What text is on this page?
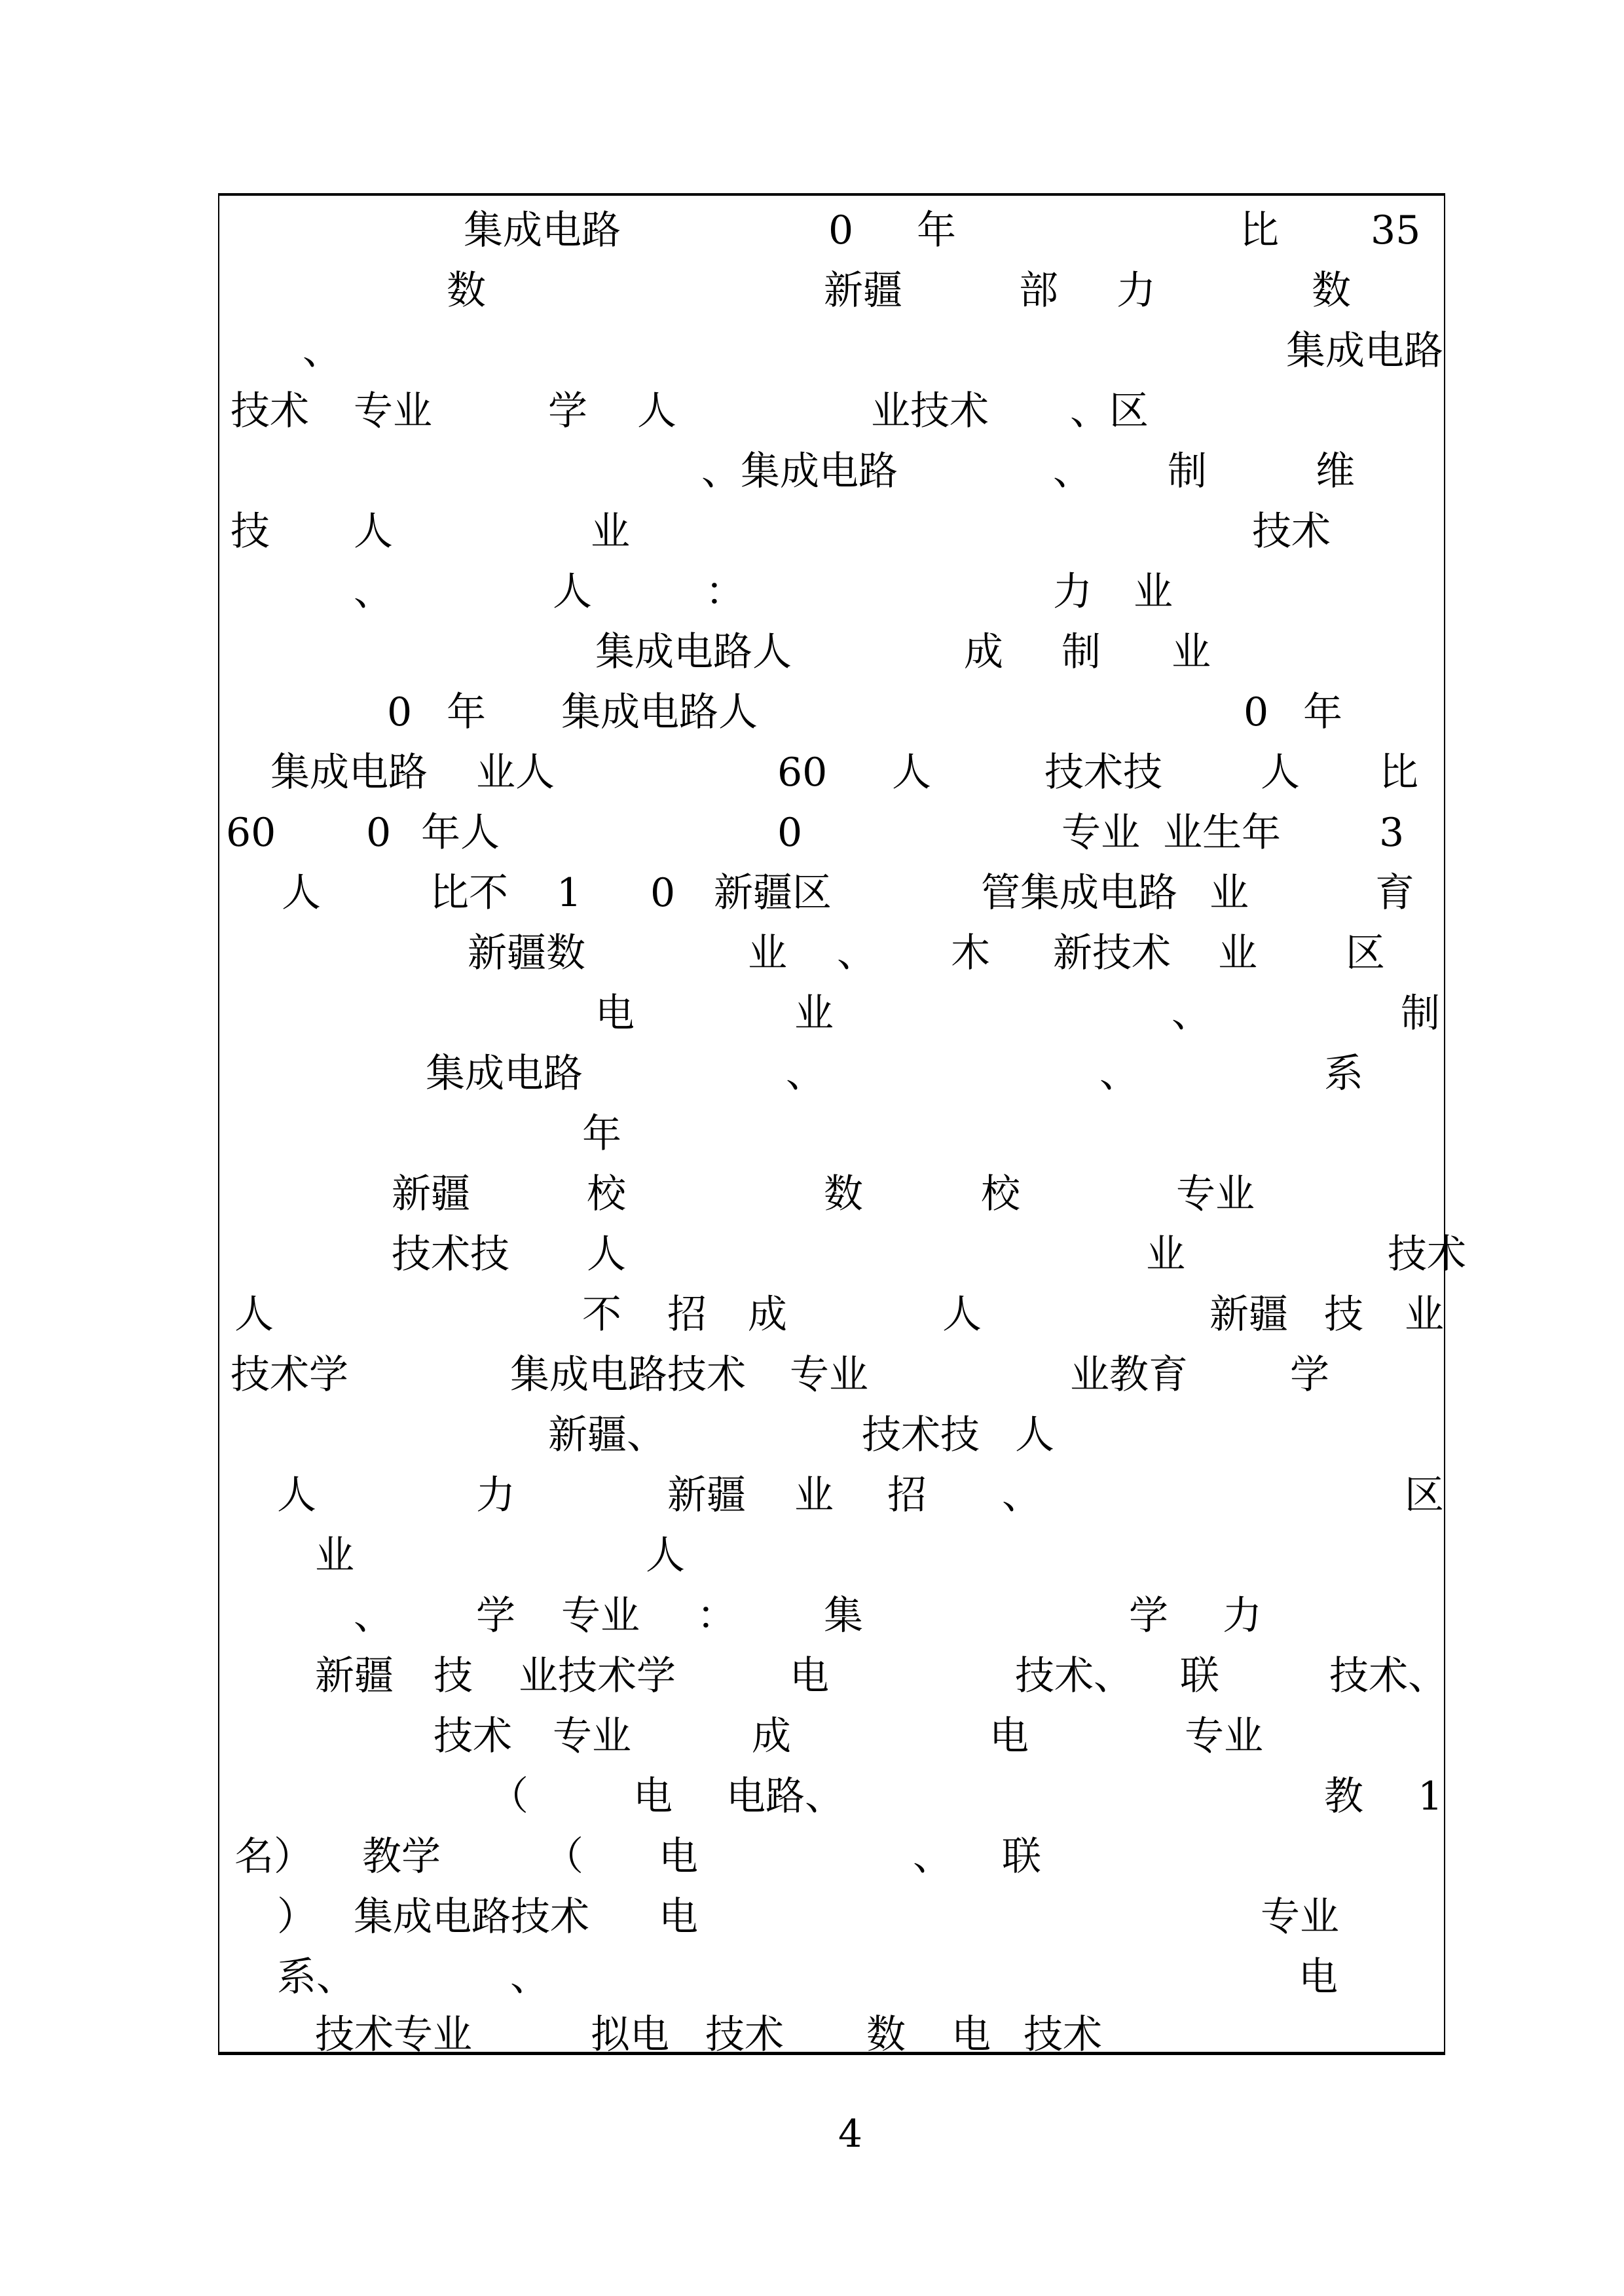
集成电路	0 年	比 35
数	新疆	部 力	数
、	集成电路
技术 专业	学 人	业技术 、区
、集成电路	、 制	维
技 人	业	技术
、	人	：	力 业
集成电路人	成 制 业
0 年 集成电路人	0 年
集成电路 业人	60 人	技术技	人 比
60 0 年人	0	专业 业生年	3
人	比不 1 0 新疆区	管集成电路 业	育
新疆数	业 、 木 新技术 业 区
电	业	、	制
集成电路	、	、	系
年
新疆	校	数	校	专业
技术技 人	业	技术
人	不 招 成	人	新疆 技 业
技术学	集成电路技术 专业	业教育	学
新疆、	技术技 人
人	力	新疆 业 招 、	区
业	人
、 学 专业 ： 集	学 力
新疆 技 业技术学	电	技术、 联	技术、
技术 专业	成	电	专业
（	电 电路、	教 1
名） 教学	（ 电	、 联
） 集成电路技术 电	专业
系、	、	电
技术专业	拟电 技术 数 电 技术
4
